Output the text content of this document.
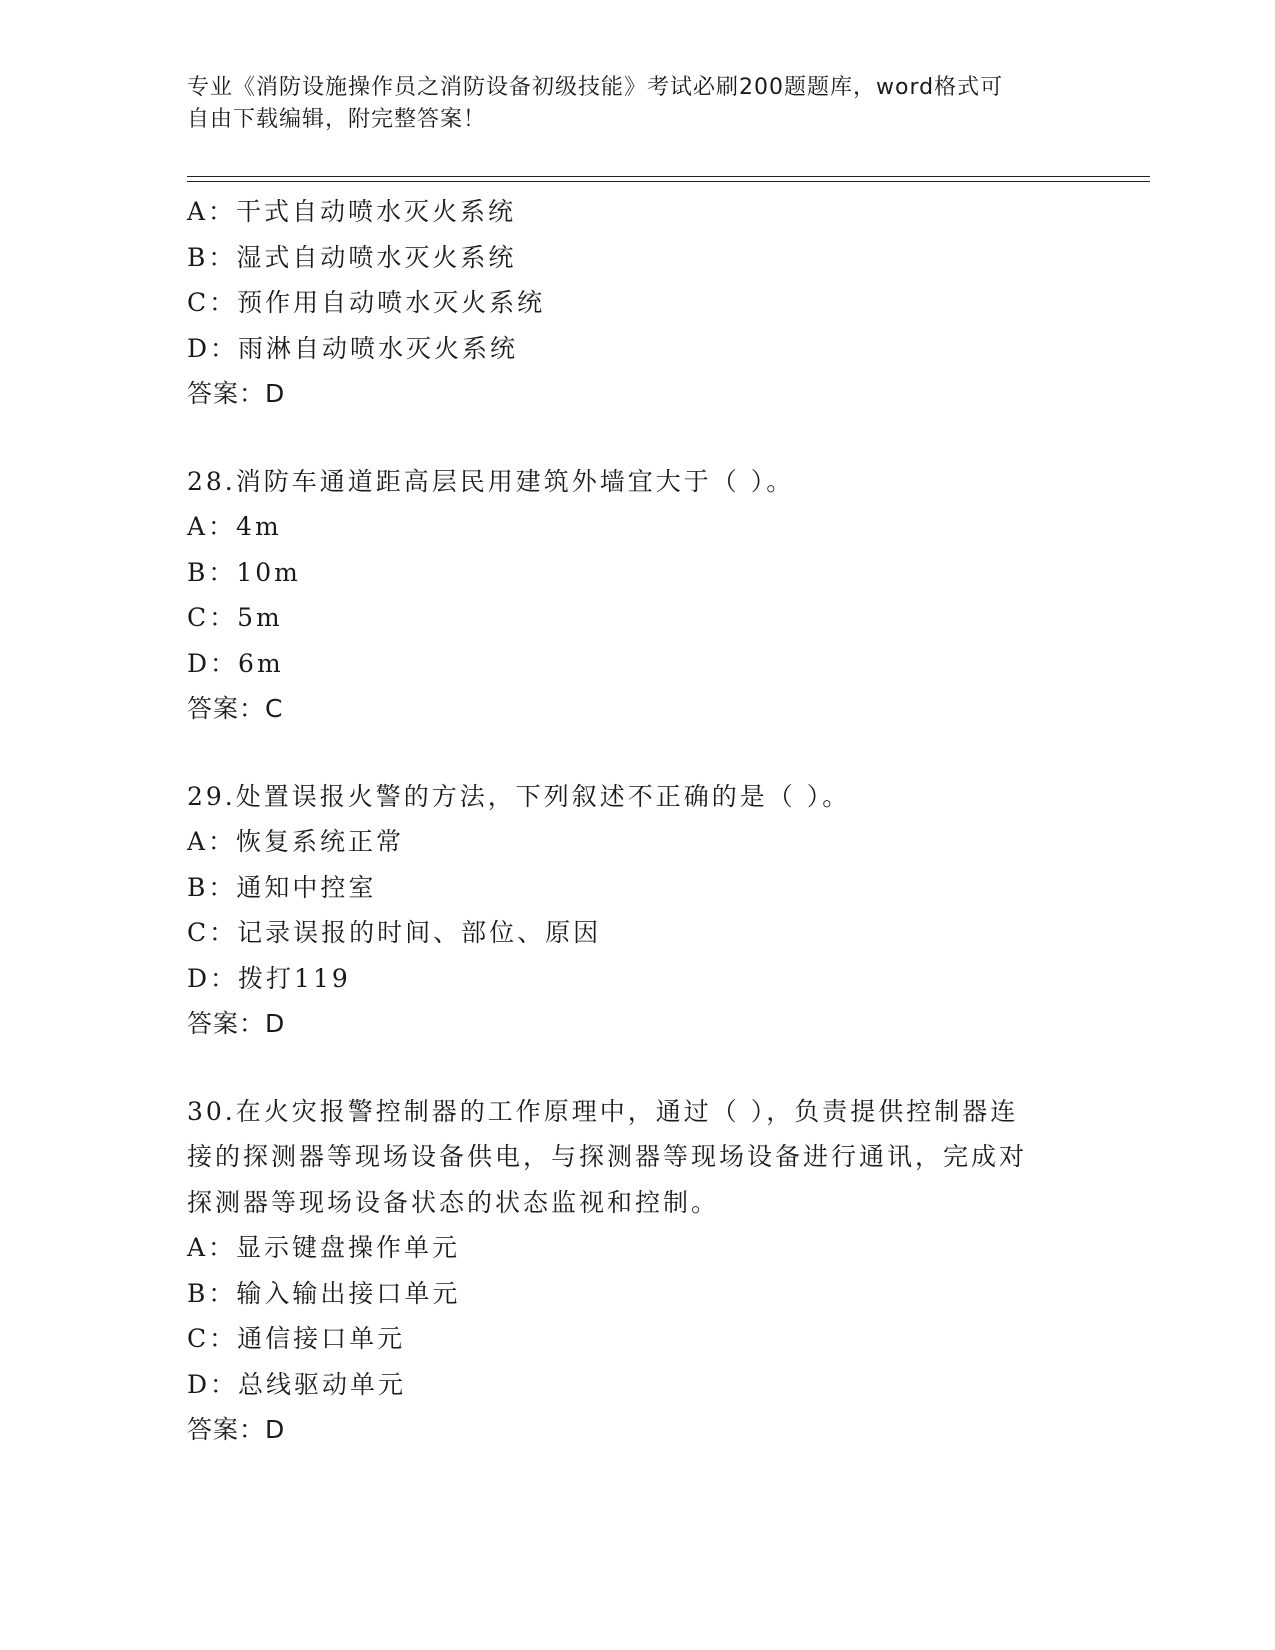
专业《消防设施操作员之消防设备初级技能》考试必刷200题题库，word格式可
自由下载编辑，附完整答案！
A：干式自动喷水灭火系统
B：湿式自动喷水灭火系统
C：预作用自动喷水灭火系统
D：雨淋自动喷水灭火系统
答案：D
28.消防车通道距高层民用建筑外墙宜大于（ ）。
A：4m
B：10m
C：5m
D：6m
答案：C
29.处置误报火警的方法，下列叙述不正确的是（ ）。
A：恢复系统正常
B：通知中控室
C：记录误报的时间、部位、原因
D：拨打119
答案：D
30.在火灾报警控制器的工作原理中，通过（ ），负责提供控制器连
接的探测器等现场设备供电，与探测器等现场设备进行通讯，完成对
探测器等现场设备状态的状态监视和控制。
A：显示键盘操作单元
B：输入输出接口单元
C：通信接口单元
D：总线驱动单元
答案：D
